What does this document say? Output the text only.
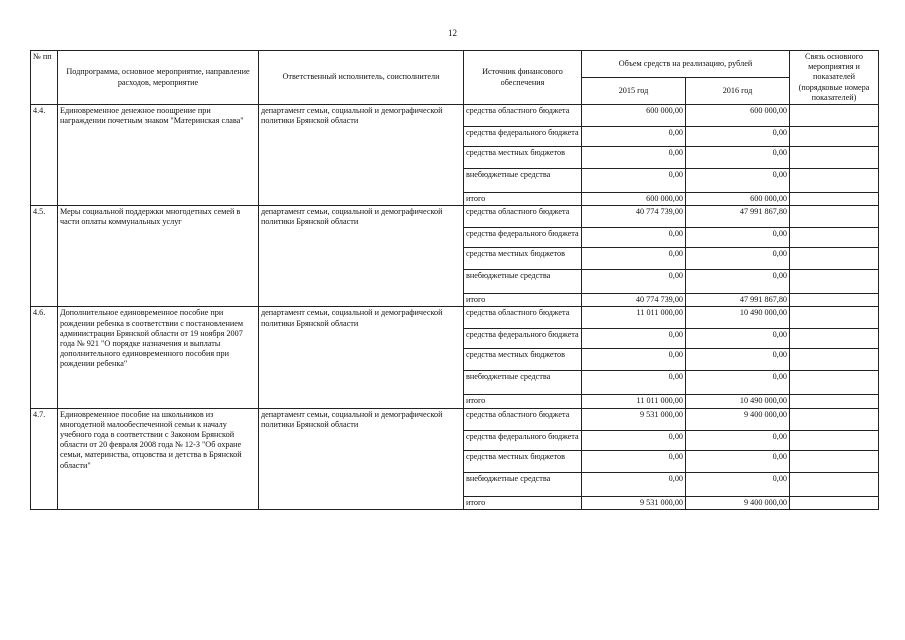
12
№ пп	Подпрограмма, основное мероприятие, направление расходов, мероприятие	Ответственный исполнитель, соисполнители	Источник финансового обеспечения	Объем средств на реализацию, рублей		Связь основного мероприятия и показателей (порядковые номера показателей)
				2015 год	2016 год	
4.4.	Единовременное денежное поощрение при награждении почетным знаком "Материнская слава"	департамент семьи, социальной и демографической политики Брянской области	средства областного бюджета	600 000,00	600 000,00	
			средства федерального бюджета	0,00	0,00	
			средства местных бюджетов	0,00	0,00	
			внебюджетные средства	0,00	0,00	
			итого	600 000,00	600 000,00	
4.5.	Меры социальной поддержки многодетных семей в части оплаты коммунальных услуг	департамент семьи, социальной и демографической политики Брянской области	средства областного бюджета	40 774 739,00	47 991 867,80	
			средства федерального бюджета	0,00	0,00	
			средства местных бюджетов	0,00	0,00	
			внебюджетные средства	0,00	0,00	
			итого	40 774 739,00	47 991 867,80	
4.6.	Дополнительное единовременное пособие при рождении ребенка в соответствии с постановлением администрации Брянской области от 19 ноября 2007 года № 921 "О порядке назначения и выплаты дополнительного единовременного пособия при рождении ребенка"	департамент семьи, социальной и демографической политики Брянской области	средства областного бюджета	11 011 000,00	10 490 000,00	
			средства федерального бюджета	0,00	0,00	
			средства местных бюджетов	0,00	0,00	
			внебюджетные средства	0,00	0,00	
			итого	11 011 000,00	10 490 000,00	
4.7.	Единовременное пособие на школьников из многодетной малообеспеченной семьи к началу учебного года в соответствии с Законом Брянской области от 20 февраля 2008 года № 12-З "Об охране семьи, материнства, отцовства и детства в Брянской области"	департамент семьи, социальной и демографической политики Брянской области	средства областного бюджета	9 531 000,00	9 400 000,00	
			средства федерального бюджета	0,00	0,00	
			средства местных бюджетов	0,00	0,00	
			внебюджетные средства	0,00	0,00	
			итого	9 531 000,00	9 400 000,00	
